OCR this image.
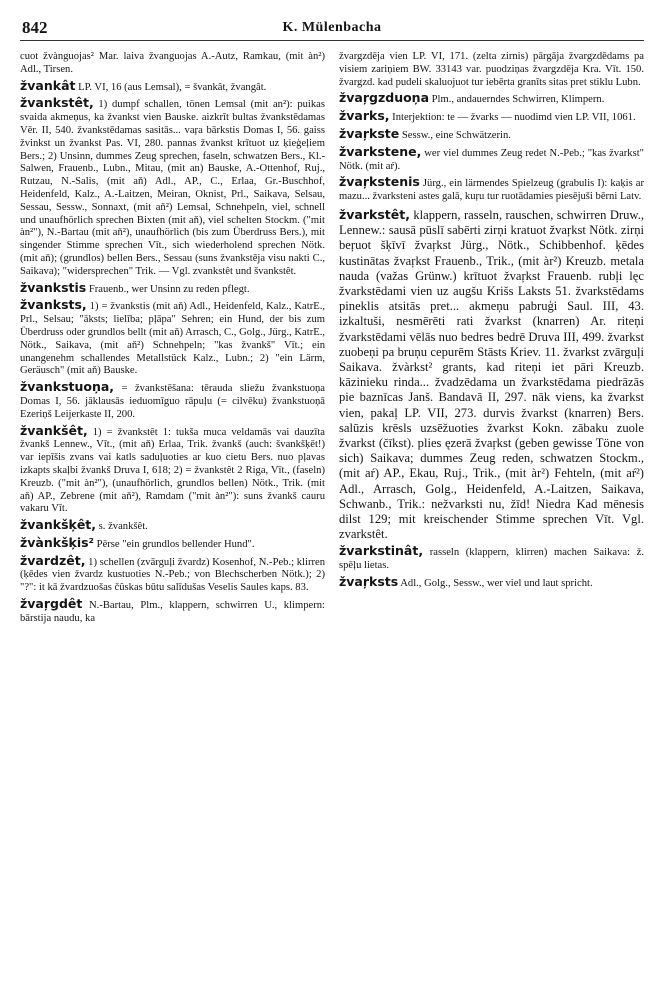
842	K. Mülenbacha

cuot žvànguojas² Mar. laiva žvanguojas A.-Autz, Ramkau, (mit àn²) Adl., Tirsen.

žvankât LP. VI, 16 (aus Lemsal), = švankât, žvangât.

žvankstêt, 1) dumpf schallen, tönen Lemsal (mit an²): puikas svaida akmeņus, ka žvankst vien Bauske. aizkrīt bultas žvankstēdamas Vēr. II, 540. žvankstēdamas sasitās... vaŗa bārkstis Domas I, 56. gaiss žvinkst un žvankst Pas. VI, 280. pannas žvankst krītuot uz ķieģeļiem Bers.; 2) Unsinn, dummes Zeug sprechen, faseln, schwatzen Bers., Kl.-Salwen, Frauenb., Lubn., Mitau, (mit an) Bauske, A.-Ottenhof, Ruj., Rutzau, N.-Salis, (mit aň) Adl., AP., C., Erlaa, Gr.-Buschhof, Heidenfeld, Kalz., A.-Laitzen, Meiran, Oknist, Prl., Saikava, Selsau, Sessau, Sessw., Sonnaxt, (mit aň²) Lemsal, Schnehpeln, viel, schnell und unaufhörlich sprechen Bixten (mit aň), viel schelten Stockm. ("mit àn²"), N.-Bartau (mit aň²), unaufhörlich (bis zum Überdruss Bers.), mit singender Stimme sprechen Vīt., sich wiederholend sprechen Nötk. (mit aň); (grundlos) bellen Bers., Sessau (suns žvankstēja visu nakti C., Saikava); "widersprechen" Trik. — Vgl. zvankstêt und švankstêt.

žvankstis Frauenb., wer Unsinn zu reden pflegt.

žvanksts, 1) = žvankstis (mit aň) Adl., Heidenfeld, Kalz., KatrE., Prl., Selsau; "āksts; lielība; pļāpa" Sehren; ein Hund, der bis zum Überdruss oder grundlos bellt (mit aň) Arrasch, C., Golg., Jürg., KatrE., Nötk., Saikava, (mit aň²) Schnehpeln; "kas žvankš" Vīt.; ein unangenehm schallendes Metallstück Kalz., Lubn.; 2) "ein Lärm, Geräusch" (mit aň) Bauske.

žvankstuoņa, = žvankstēšana: tērauda sliežu žvankstuoņa Domas I, 56. jāklausās ieduomīguo rāpuļu (= cilvēku) žvankstuoņā Ezeriņš Leijerkaste II, 200.

žvankšêt, 1) = žvankstêt 1: tukša muca veldamās vai dauzīta žvankš Lennew., Vīt., (mit aň) Erlaa, Trik. žvankš (auch: švankšķēt!) var iepīšis zvans vai katls saduļuoties ar kuo cietu Bers. nuo pļavas izkapts skaļbi žvankš Druva I, 618; 2) = žvankstêt 2 Riga, Vīt., (faseln) Kreuzb. ("mit àn²"), (unaufhörlich, grundlos bellen) Nötk., Trik. (mit aň) AP., Zebrene (mit aň²), Ramdam ("mit àn²"): suns žvankš cauru vakaru Vīt.

žvankšķêt, s. žvankšêt.

žvànkšķis² Pērse "ein grundlos bellender Hund".

žvardzêt, 1) schellen (zvārguļi žvardz) Kosenhof, N.-Peb.; klirren (ķēdes vien žvardz kustuoties N.-Peb.; von Blechscherben Nötk.); 2) "?": it kā žvardzuošas čûskas būtu salīdušas Veselis Saules kaps. 83.

žvaŗgdêt N.-Bartau, Plm., klappern, schwirren U., klimpern: bārstija naudu, ka

žvargzdēja vien LP. VI, 171. (zelta zirnis) pārgāja žvargzdēdams pa visiem zariņiem BW. 33143 var. puodziņas žvargzdēja Kra. Vīt. 150. žvargzd. kad pudeli skaluojuot tur iebērta granīts sitas pret stiklu Lubn.

žvaŗgzduoņa Plm., andauerndes Schwirren, Klimpern.

žvarks, Interjektion: te — žvarks — nuodimd vien LP. VII, 1061.

žvaŗkste Sessw., eine Schwätzerin.

žvarkstene, wer viel dummes Zeug redet N.-Peb.; "kas žvarkst" Nötk. (mit aŕ).

žvaŗkstenis Jürg., ein lärmendes Spielzeug (grabulis I): kaķis ar mazu... žvarksteni astes galā, kuŗu tur ruotādamies piesējuši bērni Latv.

žvarkstêt, klappern, rasseln, rauschen, schwirren Druw., Lennew.: sausā pūslī sabērti zirņi kratuot žvaŗkst Nötk. zirņi beŗuot šķīvī žvaŗkst Jürg., Nötk., Schibbenhof. ķēdes kustinātas žvaŗkst Frauenb., Trik., (mit àr²) Kreuzb. metala nauda (važas Grünw.) krītuot žvaŗkst Frauenb. rubļi lęc žvarkstēdami vien uz augšu Krišs Laksts 51. žvarkstēdams pineklis atsitās pret... akmeņu pabruģi Saul. III, 43. izkaltuši, nesmērēti rati žvarkst (knarren) Ar. riteņi žvarkstēdami vēlās nuo bedres bedrē Druva III, 499. žvarkst zuobeņi pa bruņu cepurēm Stāsts Kriev. 11. žvarkst zvārguļi Saikava. žvàrkst² grants, kad riteņi iet pāri Kreuzb. kāzinieku rinda... žvadzēdama un žvarkstēdama piedrāzās pie baznīcas Janš. Bandavā II, 297. nāk viens, ka žvarkst vien, pakaļ LP. VII, 273. durvis žvarkst (knarren) Bers. salūzis krēsls uzsēžuoties žvarkst Kokn. zābaku zuole žvarkst (čīkst). plies ęzerā žvaŗkst (geben gewisse Töne von sich) Saikava; dummes Zeug reden, schwatzen Stockm., (mit aŕ) AP., Ekau, Ruj., Trik., (mit àr²) Fehteln, (mit aŕ²) Adl., Arrasch, Golg., Heidenfeld, A.-Laitzen, Saikava, Schwanb., Trik.: nežvarksti nu, žīd! Niedra Kad mēnesis dilst 129; mit kreischender Stimme sprechen Vīt. Vgl. zvarkstêt.

žvarkstinât, rasseln (klappern, klirren) machen Saikava: ž. spēļu lietas.

žvaŗksts Adl., Golg., Sessw., wer viel und laut spricht.
